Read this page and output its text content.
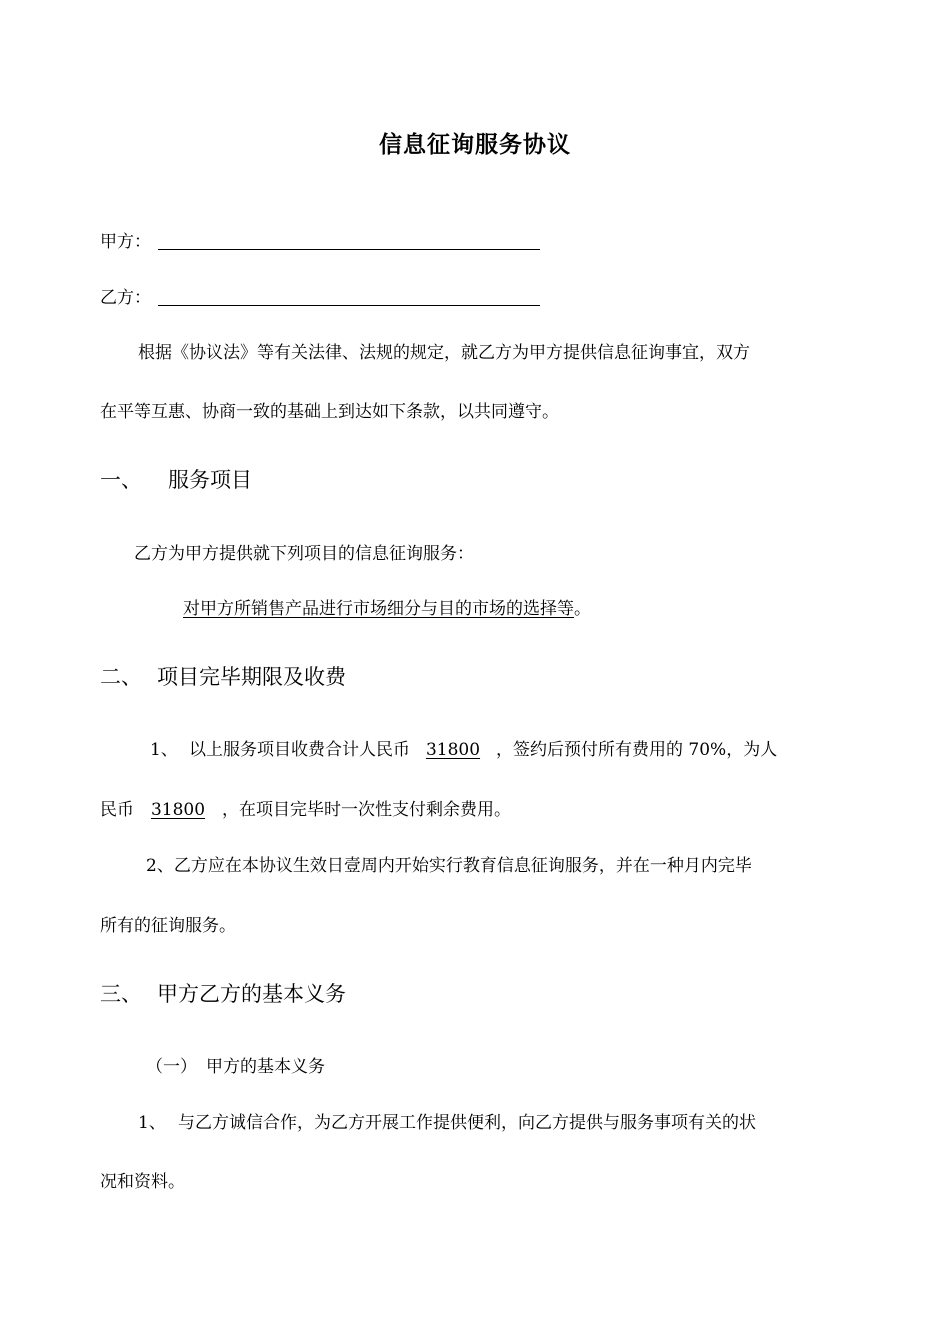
信息征询服务协议
甲方：
乙方：
根据《协议法》等有关法律、法规的规定，就乙方为甲方提供信息征询事宜，双方
在平等互惠、协商一致的基础上到达如下条款，以共同遵守。
一、 服务项目
乙方为甲方提供就下列项目的信息征询服务：
对甲方所销售产品进行市场细分与目的市场的选择等。
二、 项目完毕期限及收费
1、 以上服务项目收费合计人民币 31800 ，签约后预付所有费用的 70%，为人
民币 31800 ，在项目完毕时一次性支付剩余费用。
2、乙方应在本协议生效日壹周内开始实行教育信息征询服务，并在一种月内完毕
所有的征询服务。
三、 甲方乙方的基本义务
（一） 甲方的基本义务
1、 与乙方诚信合作，为乙方开展工作提供便利，向乙方提供与服务事项有关的状
况和资料。
